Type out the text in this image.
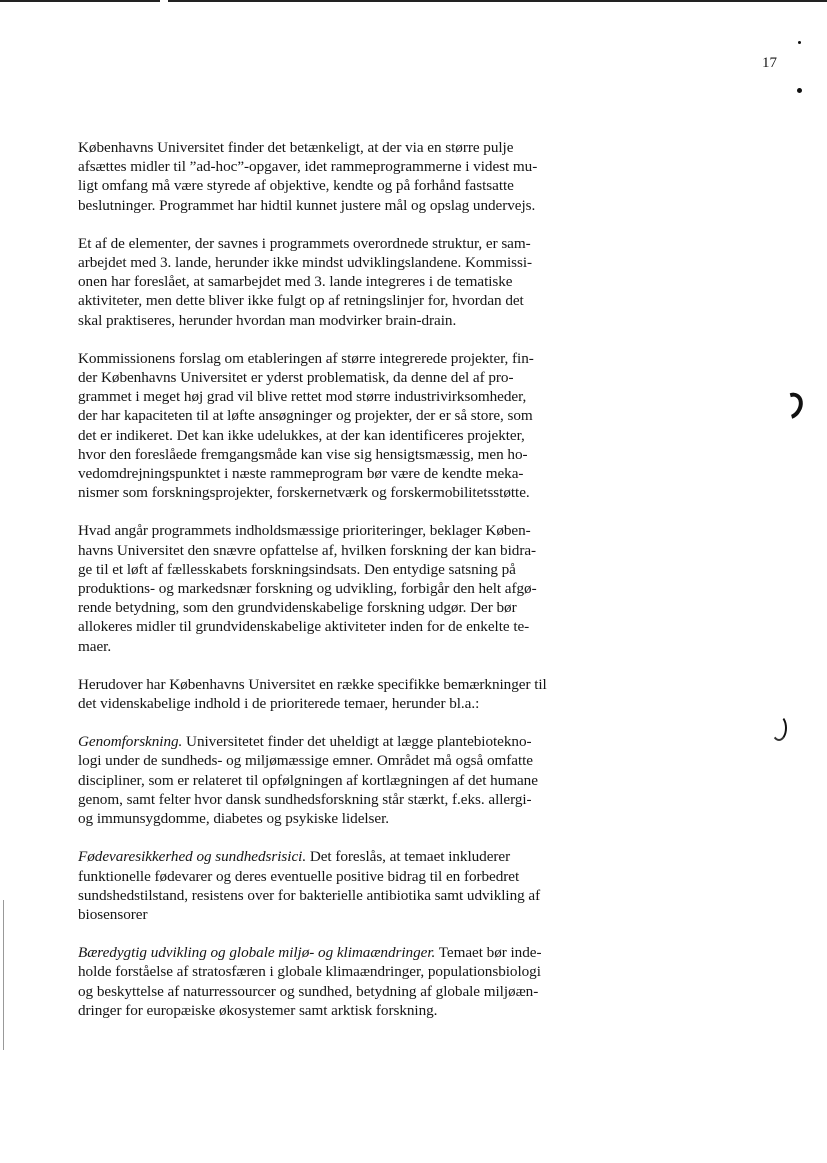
17

Københavns Universitet finder det betænkeligt, at der via en større pulje
afsættes midler til ”ad-hoc”-opgaver, idet rammeprogrammerne i videst mu-
ligt omfang må være styrede af objektive, kendte og på forhånd fastsatte
beslutninger. Programmet har hidtil kunnet justere mål og opslag undervejs.

Et af de elementer, der savnes i programmets overordnede struktur, er sam-
arbejdet med 3. lande, herunder ikke mindst udviklingslandene. Kommissi-
onen har foreslået, at samarbejdet med 3. lande integreres i de tematiske
aktiviteter, men dette bliver ikke fulgt op af retningslinjer for, hvordan det
skal praktiseres, herunder hvordan man modvirker brain-drain.

Kommissionens forslag om etableringen af større integrerede projekter, fin-
der Københavns Universitet er yderst problematisk, da denne del af pro-
grammet i meget høj grad vil blive rettet mod større industrivirksomheder,
der har kapaciteten til at løfte ansøgninger og projekter, der er så store, som
det er indikeret. Det kan ikke udelukkes, at der kan identificeres projekter,
hvor den foreslåede fremgangsmåde kan vise sig hensigtsmæssig, men ho-
vedomdrejningspunktet i næste rammeprogram bør være de kendte meka-
nismer som forskningsprojekter, forskernetværk og forskermobilitetsstøtte.

Hvad angår programmets indholdsmæssige prioriteringer, beklager Køben-
havns Universitet den snævre opfattelse af, hvilken forskning der kan bidra-
ge til et løft af fællesskabets forskningsindsats. Den entydige satsning på
produktions- og markedsnær forskning og udvikling, forbigår den helt afgø-
rende betydning, som den grundvidenskabelige forskning udgør. Der bør
allokeres midler til grundvidenskabelige aktiviteter inden for de enkelte te-
maer.

Herudover har Københavns Universitet en række specifikke bemærkninger til
det videnskabelige indhold i de prioriterede temaer, herunder bl.a.:

Genomforskning. Universitetet finder det uheldigt at lægge plantebiotekno-
logi under de sundheds- og miljømæssige emner. Området må også omfatte
discipliner, som er relateret til opfølgningen af kortlægningen af det humane
genom, samt felter hvor dansk sundhedsforskning står stærkt, f.eks. allergi-
og immunsygdomme, diabetes og psykiske lidelser.

Fødevaresikkerhed og sundhedsrisici. Det foreslås, at temaet inkluderer
funktionelle fødevarer og deres eventuelle positive bidrag til en forbedret
sundshedstilstand, resistens over for bakterielle antibiotika samt udvikling af
biosensorer

Bæredygtig udvikling og globale miljø- og klimaændringer. Temaet bør inde-
holde forståelse af stratosfæren i globale klimaændringer, populationsbiologi
og beskyttelse af naturressourcer og sundhed, betydning af globale miljøæn-
dringer for europæiske økosystemer samt arktisk forskning.
